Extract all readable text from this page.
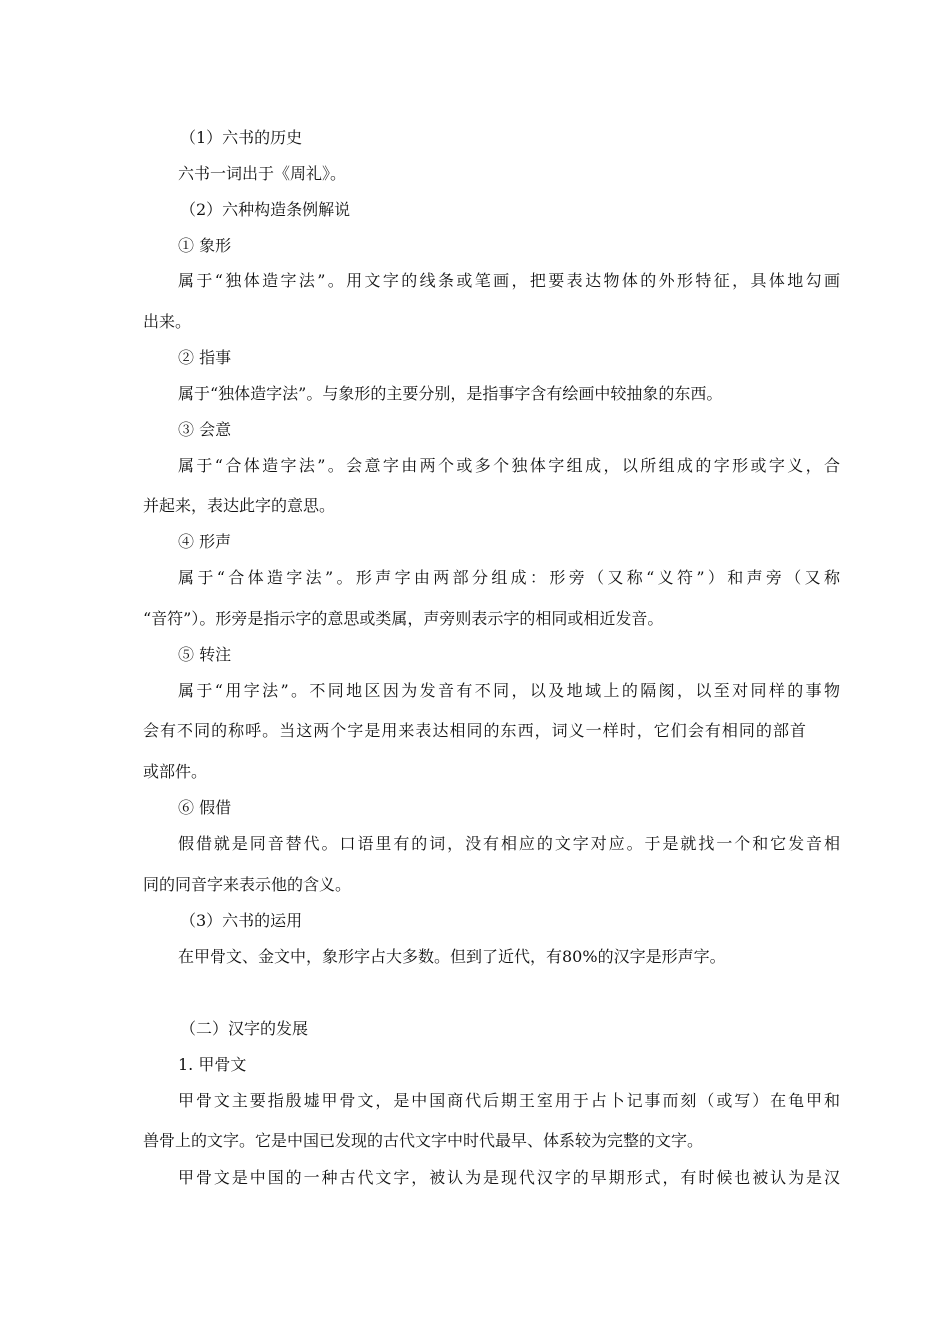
（1）六书的历史
六书一词出于《周礼》。
（2）六种构造条例解说
① 象形
属于“独体造字法”。用文字的线条或笔画，把要表达物体的外形特征，具体地勾画
出来。
② 指事
属于“独体造字法”。与象形的主要分别，是指事字含有绘画中较抽象的东西。
③ 会意
属于“合体造字法”。会意字由两个或多个独体字组成，以所组成的字形或字义，合
并起来，表达此字的意思。
④ 形声
属于“合体造字法”。形声字由两部分组成：形旁（又称“义符”）和声旁（又称
“音符”）。形旁是指示字的意思或类属，声旁则表示字的相同或相近发音。
⑤ 转注
属于“用字法”。不同地区因为发音有不同，以及地域上的隔阂，以至对同样的事物
会有不同的称呼。当这两个字是用来表达相同的东西，词义一样时，它们会有相同的部首
或部件。
⑥ 假借
假借就是同音替代。口语里有的词，没有相应的文字对应。于是就找一个和它发音相
同的同音字来表示他的含义。
（3）六书的运用
在甲骨文、金文中，象形字占大多数。但到了近代，有80%的汉字是形声字。
（二）汉字的发展
1. 甲骨文
甲骨文主要指殷墟甲骨文，是中国商代后期王室用于占卜记事而刻（或写）在龟甲和
兽骨上的文字。它是中国已发现的古代文字中时代最早、体系较为完整的文字。
甲骨文是中国的一种古代文字，被认为是现代汉字的早期形式，有时候也被认为是汉
